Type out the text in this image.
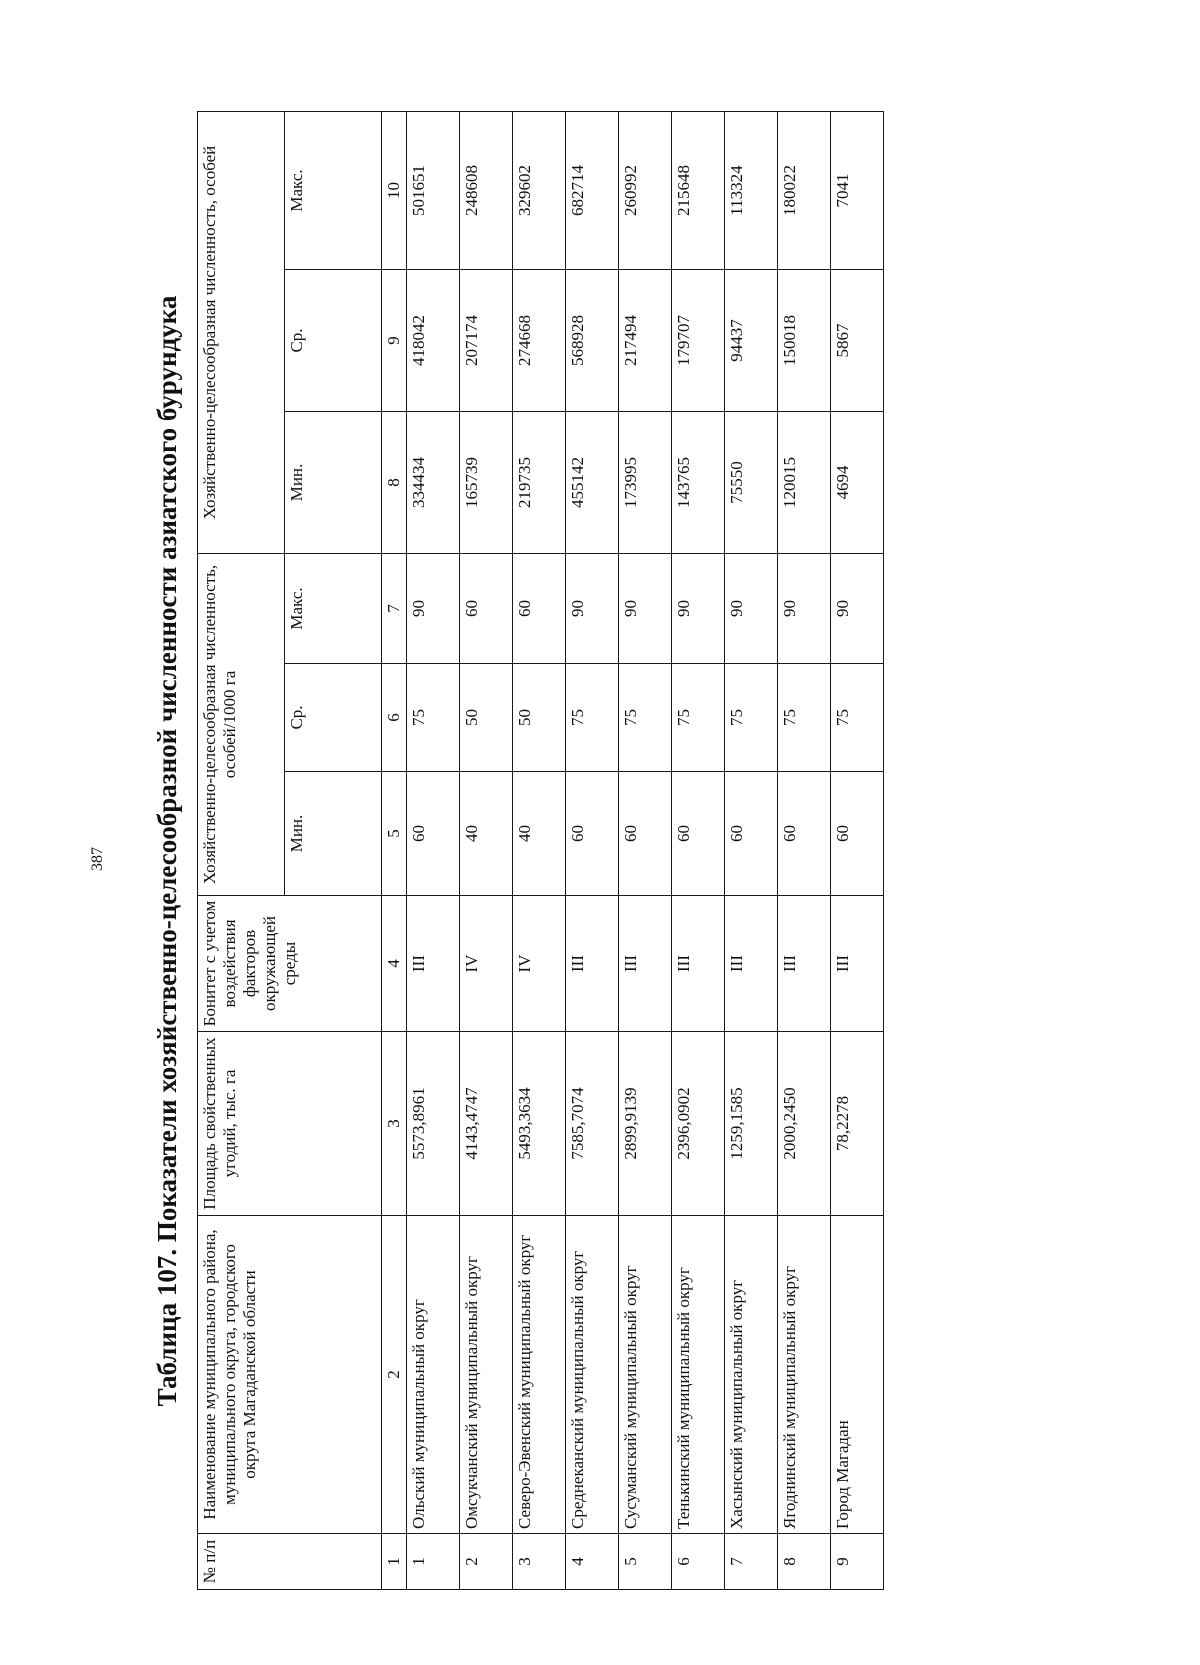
387 Таблица 107. Показатели хозяйственно-целесообразной численности азиатского бурундука
№ п/п	Наименование муниципального района, муниципального округа, городского округа Магаданской области	Площадь свойственных угодий, тыс. га	Бонитет с учетом воздействия факторов окружающей среды	Хозяйственно-целесообразная численность, особей/1000 га			Хозяйственно-целесообразная численность, особей		
				Мин.	Ср.	Макс.	Мин.	Ср.	Макс.
1	2	3	4	5	6	7	8	9	10
1	Ольский муниципальный округ	5573,8961	III	60	75	90	334434	418042	501651
2	Омсукчанский муниципальный округ	4143,4747	IV	40	50	60	165739	207174	248608
3	Северо-Эвенский муниципальный округ	5493,3634	IV	40	50	60	219735	274668	329602
4	Среднеканский муниципальный округ	7585,7074	III	60	75	90	455142	568928	682714
5	Сусуманский муниципальный округ	2899,9139	III	60	75	90	173995	217494	260992
6	Тенькинский муниципальный округ	2396,0902	III	60	75	90	143765	179707	215648
7	Хасынский муниципальный округ	1259,1585	III	60	75	90	75550	94437	113324
8	Ягоднинский муниципальный округ	2000,2450	III	60	75	90	120015	150018	180022
9	Город Магадан	78,2278	III	60	75	90	4694	5867	7041
